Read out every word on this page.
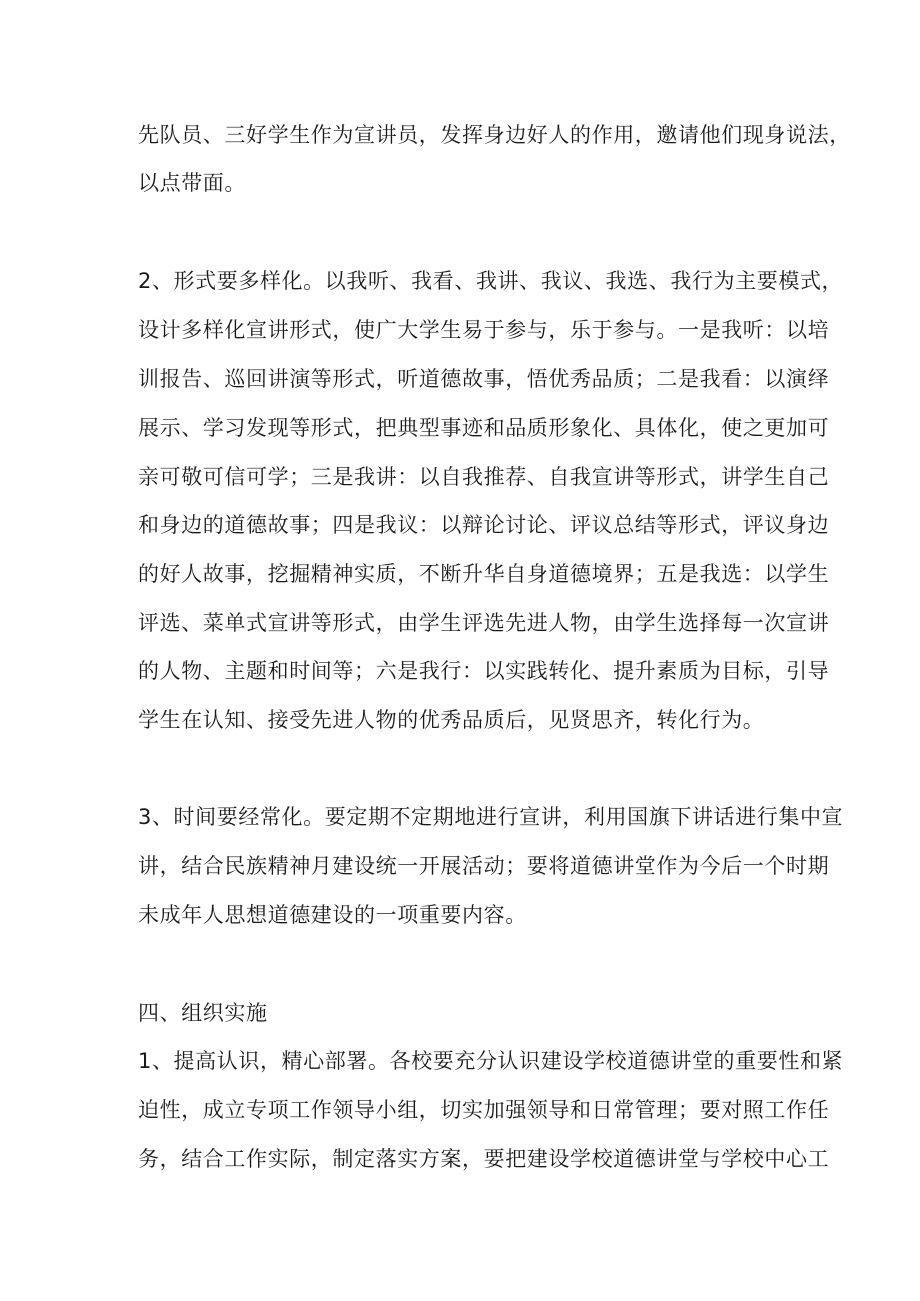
先队员、三好学生作为宣讲员，发挥身边好人的作用，邀请他们现身说法，
以点带面。
2、形式要多样化。以我听、我看、我讲、我议、我选、我行为主要模式，
设计多样化宣讲形式，使广大学生易于参与，乐于参与。一是我听：以培
训报告、巡回讲演等形式，听道德故事，悟优秀品质；二是我看：以演绎
展示、学习发现等形式，把典型事迹和品质形象化、具体化，使之更加可
亲可敬可信可学；三是我讲：以自我推荐、自我宣讲等形式，讲学生自己
和身边的道德故事；四是我议：以辩论讨论、评议总结等形式，评议身边
的好人故事，挖掘精神实质，不断升华自身道德境界；五是我选：以学生
评选、菜单式宣讲等形式，由学生评选先进人物，由学生选择每一次宣讲
的人物、主题和时间等；六是我行：以实践转化、提升素质为目标，引导
学生在认知、接受先进人物的优秀品质后，见贤思齐，转化行为。
3、时间要经常化。要定期不定期地进行宣讲，利用国旗下讲话进行集中宣
讲，结合民族精神月建设统一开展活动；要将道德讲堂作为今后一个时期
未成年人思想道德建设的一项重要内容。
四、组织实施
1、提高认识，精心部署。各校要充分认识建设学校道德讲堂的重要性和紧
迫性，成立专项工作领导小组，切实加强领导和日常管理；要对照工作任
务，结合工作实际，制定落实方案，要把建设学校道德讲堂与学校中心工
